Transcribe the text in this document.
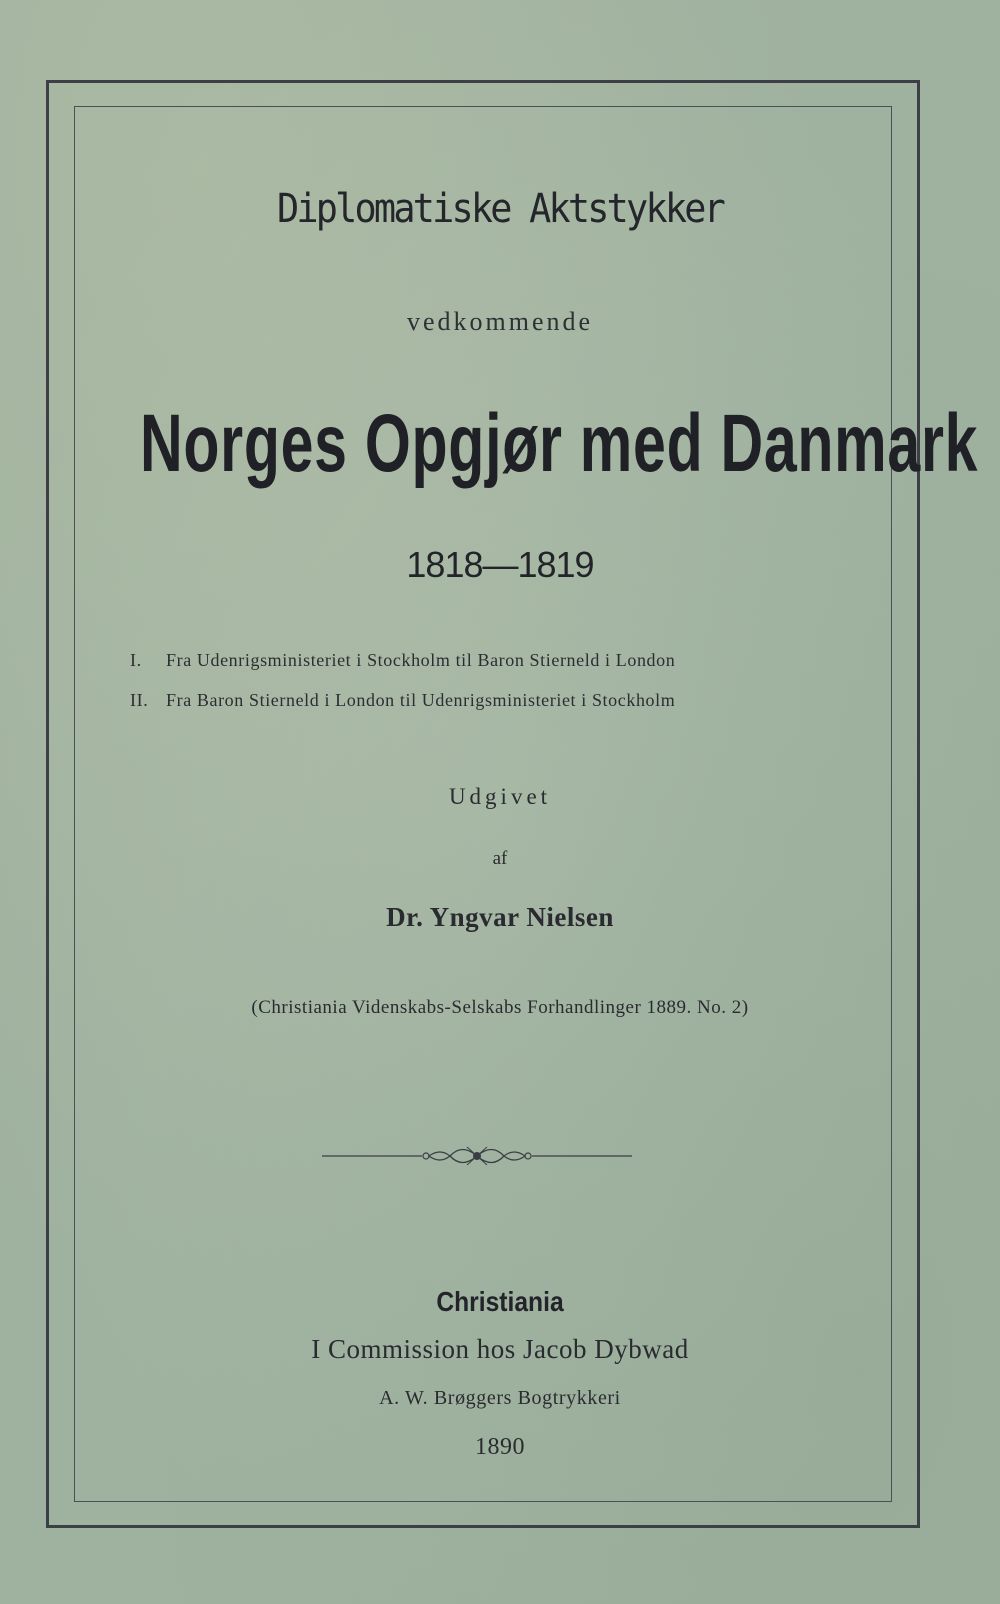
Diplomatiske Aktstykker
vedkommende
Norges Opgjør med Danmark
1818—1819
I. Fra Udenrigsministeriet i Stockholm til Baron Stierneld i London
II. Fra Baron Stierneld i London til Udenrigsministeriet i Stockholm
Udgivet
af
Dr. Yngvar Nielsen
(Christiania Videnskabs-Selskabs Forhandlinger 1889. No. 2)
Christiania
I Commission hos Jacob Dybwad
A. W. Brøggers Bogtrykkeri
1890
